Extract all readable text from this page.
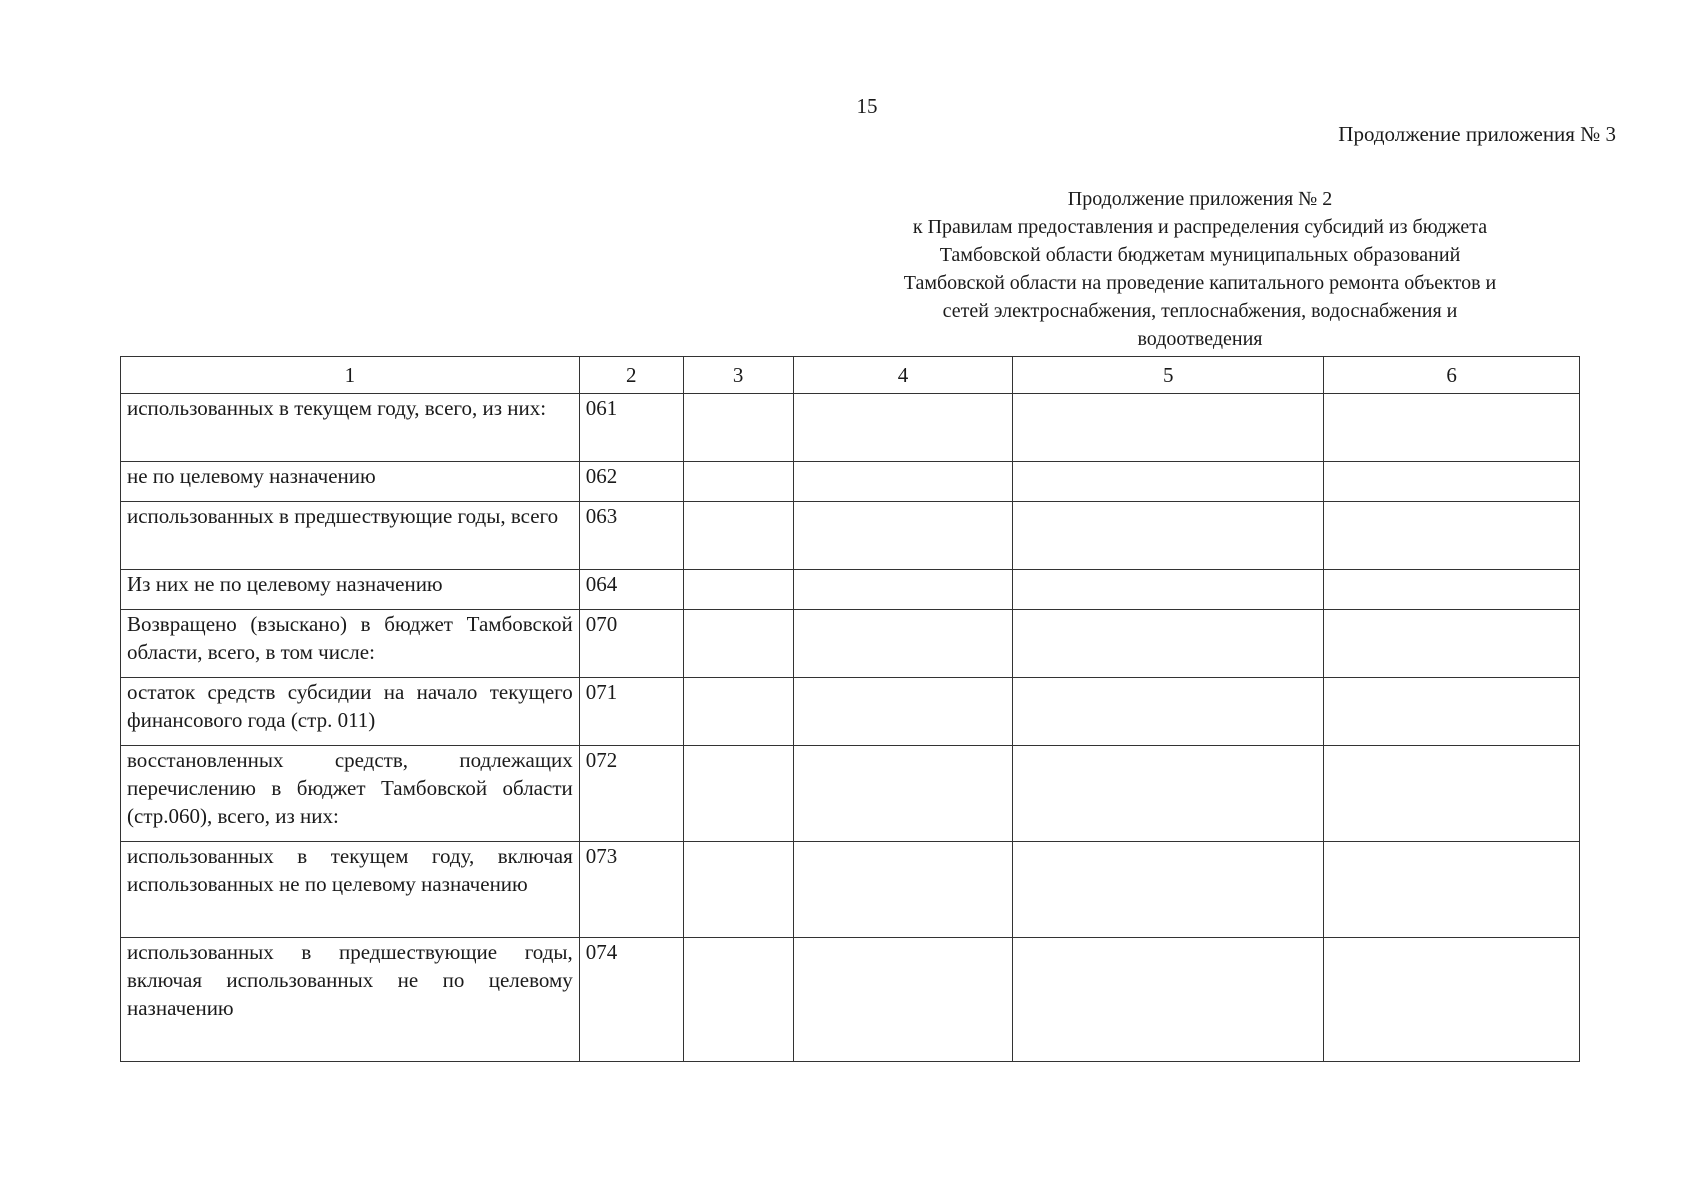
15
Продолжение приложения № 3
Продолжение приложения № 2
к Правилам предоставления и распределения субсидий из бюджета
Тамбовской области бюджетам муниципальных образований
Тамбовской области на проведение капитального ремонта объектов и
сетей электроснабжения, теплоснабжения, водоснабжения и
водоотведения
1	2	3	4	5	6
использованных в текущем году, всего, из них:	061				
не по целевому назначению	062				
использованных в предшествующие годы, всего	063				
Из них не по целевому назначению	064				
Возвращено (взыскано) в бюджет Тамбовской области, всего, в том числе:	070				
остаток средств субсидии на начало текущего финансового года (стр. 011)	071				
восстановленных средств, подлежащих перечислению в бюджет Тамбовской области (стр.060), всего, из них:	072				
использованных в текущем году, включая использованных не по целевому назначению	073				
использованных в предшествующие годы, включая использованных не по целевому назначению	074				
